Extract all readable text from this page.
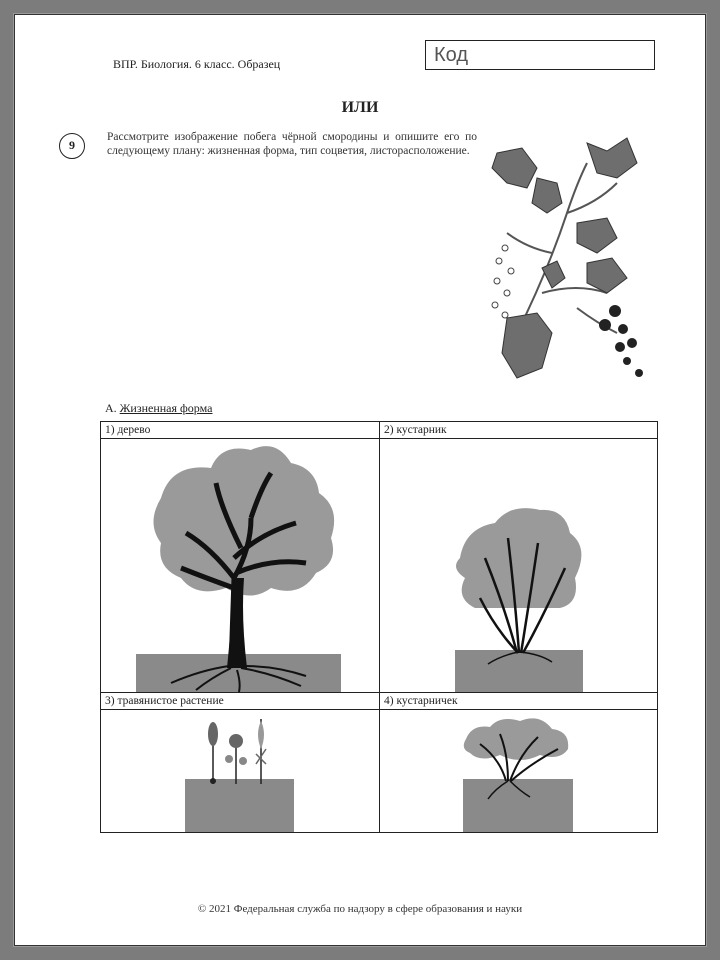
ВПР. Биология. 6 класс. Образец	Код
ИЛИ
9
Рассмотрите изображение побега чёрной смородины и опишите его по следующему плану: жизненная форма, тип соцветия, листорасположение.
А. Жизненная форма
1) дерево	2) кустарник
3) травянистое растение	4) кустарничек
© 2021 Федеральная служба по надзору в сфере образования и науки
